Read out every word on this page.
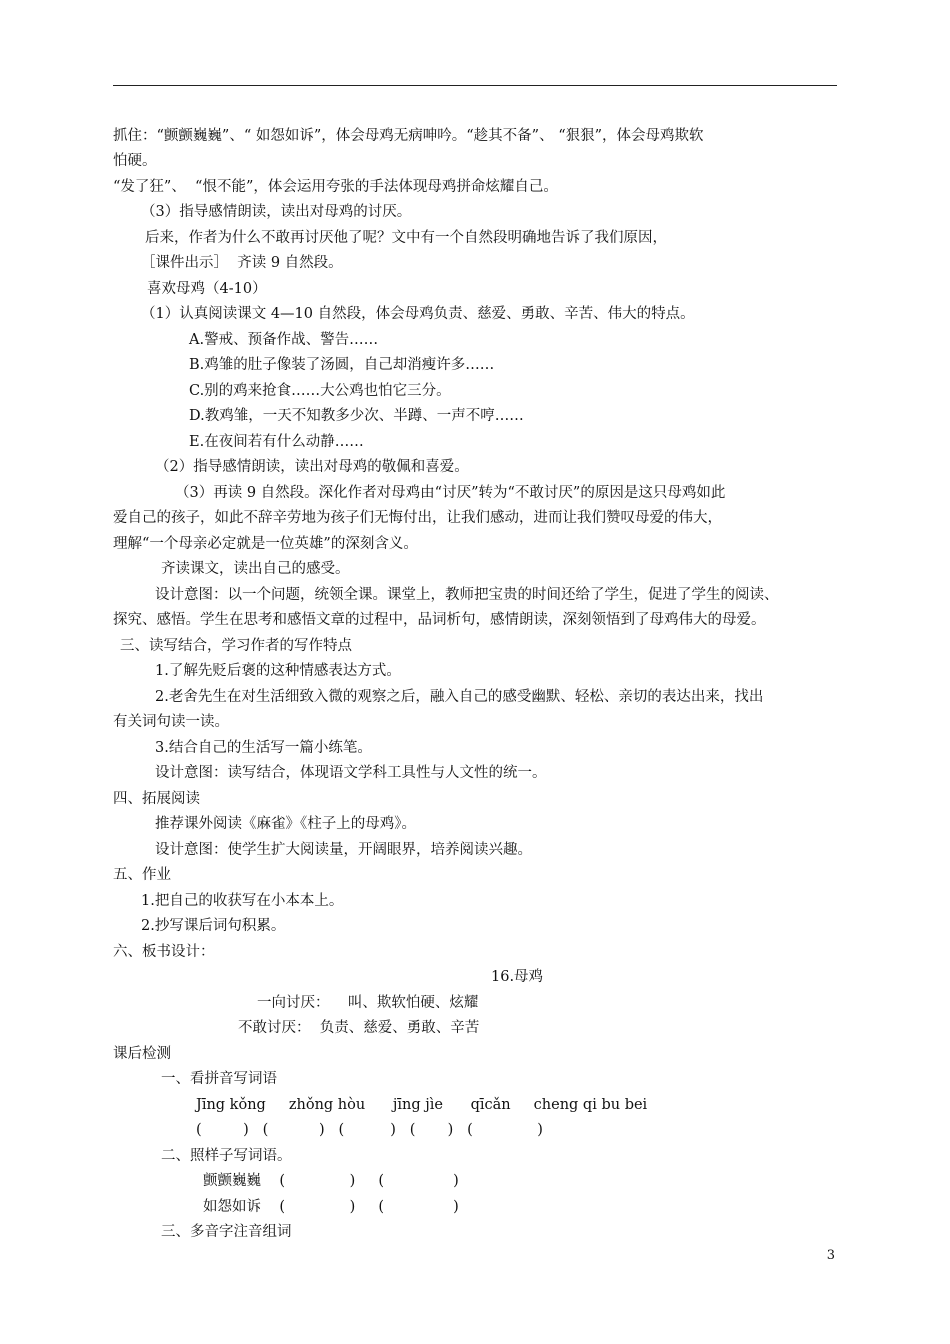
抓住：“颤颤巍巍”、“ 如怨如诉”，体会母鸡无病呻吟。“趁其不备”、 “狠狠”，体会母鸡欺软
怕硬。
“发了狂”、  “恨不能”，体会运用夸张的手法体现母鸡拼命炫耀自己。
（3）指导感情朗读，读出对母鸡的讨厌。
后来，作者为什么不敢再讨厌他了呢？文中有一个自然段明确地告诉了我们原因，
［课件出示］  齐读 9 自然段。
喜欢母鸡（4-10）
（1）认真阅读课文 4—10 自然段，体会母鸡负责、慈爱、勇敢、辛苦、伟大的特点。
A.警戒、预备作战、警告……
B.鸡雏的肚子像装了汤圆，自己却消瘦许多……
C.别的鸡来抢食……大公鸡也怕它三分。
D.教鸡雏，一天不知教多少次、半蹲、一声不哼……
E.在夜间若有什么动静……
（2）指导感情朗读，读出对母鸡的敬佩和喜爱。
（3）再读 9 自然段。深化作者对母鸡由“讨厌”转为“不敢讨厌”的原因是这只母鸡如此
爱自己的孩子，如此不辞辛劳地为孩子们无悔付出，让我们感动，进而让我们赞叹母爱的伟大，
理解“一个母亲必定就是一位英雄”的深刻含义。
齐读课文，读出自己的感受。
设计意图：以一个问题，统领全课。课堂上，教师把宝贵的时间还给了学生，促进了学生的阅读、
探究、感悟。学生在思考和感悟文章的过程中，品词析句，感情朗读，深刻领悟到了母鸡伟大的母爱。
三、读写结合，学习作者的写作特点
1.了解先贬后褒的这种情感表达方式。
2.老舍先生在对生活细致入微的观察之后，融入自己的感受幽默、轻松、亲切的表达出来，找出
有关词句读一读。
3.结合自己的生活写一篇小练笔。
设计意图：读写结合，体现语文学科工具性与人文性的统一。
四、拓展阅读
推荐课外阅读《麻雀》《柱子上的母鸡》。
设计意图：使学生扩大阅读量，开阔眼界，培养阅读兴趣。
五、作业
1.把自己的收获写在小本本上。
2.抄写课后词句积累。
六、板书设计：
16.母鸡
一向讨厌：    叫、欺软怕硬、炫耀
不敢讨厌：  负责、慈爱、勇敢、辛苦
课后检测
一、看拼音写词语
Jīng kǒng     zhǒng hòu      jīng jìe      qīcǎn     cheng qi bu bei
(         )   (           )   (          )   (       )   (              )
二、照样子写词语。
颤颤巍巍    (              )     (               )
如怨如诉    (              )     (               )
三、多音字注音组词
3
